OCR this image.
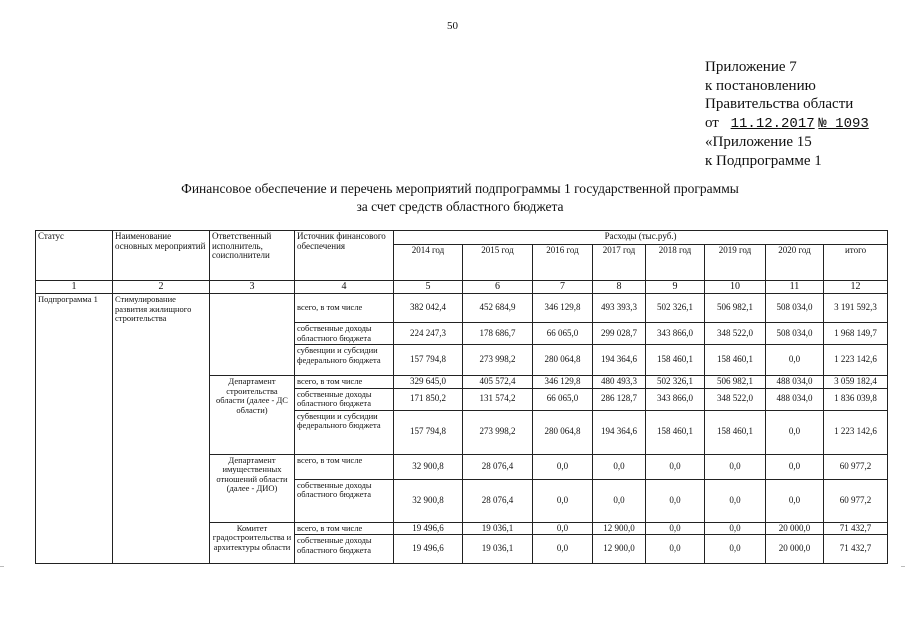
50
Приложение 7
к постановлению
Правительства области
от 11.12.2017 № 1093
«Приложение 15
к Подпрограмме 1
Финансовое обеспечение и перечень мероприятий подпрограммы 1 государственной программы
за счет средств областного бюджета
Статус	Наименование основных мероприятий	Ответственный исполнитель, соисполнители	Источник финансового обеспечения	Расходы (тыс.руб.)							
				2014 год	2015 год	2016 год	2017 год	2018 год	2019 год	2020 год	итого
1	2	3	4	5	6	7	8	9	10	11	12
Подпрограмма 1	Стимулирование развития жилищного строительства		всего, в том числе	382 042,4	452 684,9	346 129,8	493 393,3	502 326,1	506 982,1	508 034,0	3 191 592,3
			собственные доходы областного бюджета	224 247,3	178 686,7	66 065,0	299 028,7	343 866,0	348 522,0	508 034,0	1 968 149,7
			субвенции и субсидии федерального бюджета	157 794,8	273 998,2	280 064,8	194 364,6	158 460,1	158 460,1	0,0	1 223 142,6
		Департамент строительства области (далее - ДС области)	всего, в том числе	329 645,0	405 572,4	346 129,8	480 493,3	502 326,1	506 982,1	488 034,0	3 059 182,4
			собственные доходы областного бюджета	171 850,2	131 574,2	66 065,0	286 128,7	343 866,0	348 522,0	488 034,0	1 836 039,8
			субвенции и субсидии федерального бюджета	157 794,8	273 998,2	280 064,8	194 364,6	158 460,1	158 460,1	0,0	1 223 142,6
		Департамент имущественных отношений области (далее - ДИО)	всего, в том числе	32 900,8	28 076,4	0,0	0,0	0,0	0,0	0,0	60 977,2
			собственные доходы областного бюджета	32 900,8	28 076,4	0,0	0,0	0,0	0,0	0,0	60 977,2
		Комитет градостроительства и архитектуры области	всего, в том числе	19 496,6	19 036,1	0,0	12 900,0	0,0	0,0	20 000,0	71 432,7
			собственные доходы областного бюджета	19 496,6	19 036,1	0,0	12 900,0	0,0	0,0	20 000,0	71 432,7
